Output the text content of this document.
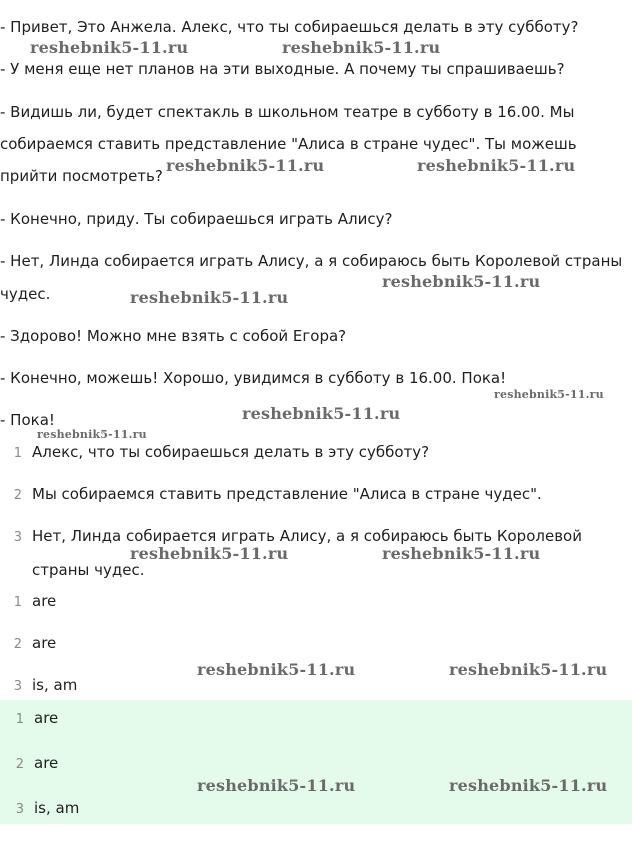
- Привет, Это Анжела. Алекс, что ты собираешься делать в эту субботу?

- У меня еще нет планов на эти выходные. А почему ты спрашиваешь?

- Видишь ли, будет спектакль в школьном театре в субботу в 16.00. Мы

собираемся ставить представление "Алиса в стране чудес". Ты можешь

прийти посмотреть?

- Конечно, приду. Ты собираешься играть Алису?

- Нет, Линда собирается играть Алису, а я собираюсь быть Королевой страны

чудес.

- Здорово! Можно мне взять с собой Егора?

- Конечно, можешь! Хорошо, увидимся в субботу в 16.00. Пока!

- Пока!

1 Алекс, что ты собираешься делать в эту субботу?
2 Мы собираемся ставить представление "Алиса в стране чудес".
3 Нет, Линда собирается играть Алису, а я собираюсь быть Королевой
страны чудес.
1 are
2 are
3 is, am
1 are
2 are
3 is, am
reshebnik5-11.ru	reshebnik5-11.ru
reshebnik5-11.ru	reshebnik5-11.ru
reshebnik5-11.ru
reshebnik5-11.ru
reshebnik5-11.ru
reshebnik5-11.ru
reshebnik5-11.ru
reshebnik5-11.ru	reshebnik5-11.ru
reshebnik5-11.ru	reshebnik5-11.ru
reshebnik5-11.ru	reshebnik5-11.ru
